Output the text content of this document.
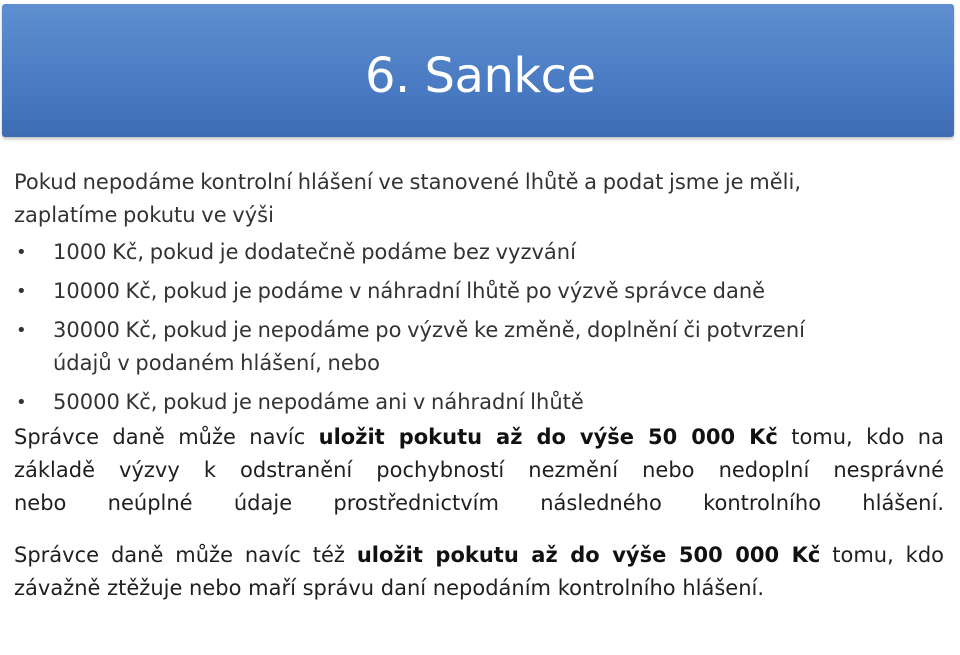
6. Sankce

Pokud nepodáme kontrolní hlášení ve stanovené lhůtě a podat jsme je měli,
zaplatíme pokutu ve výši

• 1000 Kč, pokud je dodatečně podáme bez vyzvání
• 10000 Kč, pokud je podáme v náhradní lhůtě po výzvě správce daně
• 30000 Kč, pokud je nepodáme po výzvě ke změně, doplnění či potvrzení
údajů v podaném hlášení, nebo
• 50000 Kč, pokud je nepodáme ani v náhradní lhůtě

Správce daně může navíc uložit pokutu až do výše 50 000 Kč tomu, kdo na
základě výzvy k odstranění pochybností nezmění nebo nedoplní nesprávné
nebo neúplné údaje prostřednictvím následného kontrolního hlášení.

Správce daně může navíc též uložit pokutu až do výše 500 000 Kč tomu, kdo
závažně ztěžuje nebo maří správu daní nepodáním kontrolního hlášení.
